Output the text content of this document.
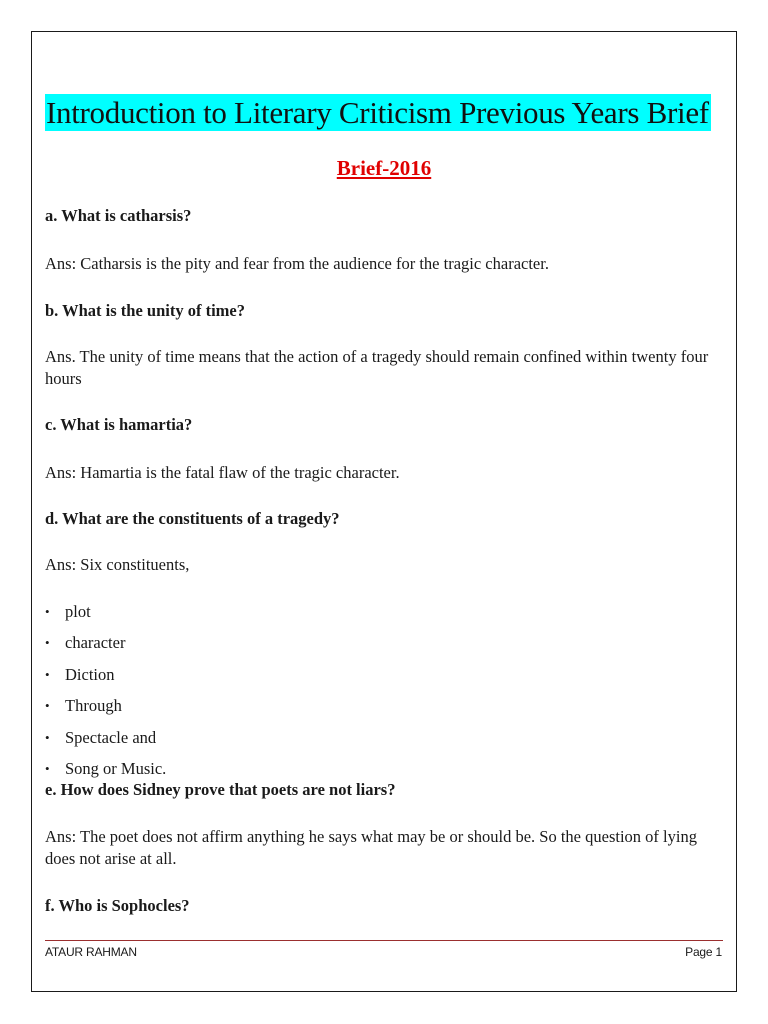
Introduction to Literary Criticism Previous Years Brief
Brief-2016
a. What is catharsis?
Ans: Catharsis is the pity and fear from the audience for the tragic character.
b. What is the unity of time?
Ans. The unity of time means that the action of a tragedy should remain confined within twenty four hours
c. What is hamartia?
Ans: Hamartia is the fatal flaw of the tragic character.
d. What are the constituents of a tragedy?
Ans: Six constituents,
• plot
• character
• Diction
• Through
• Spectacle and
• Song or Music.
e. How does Sidney prove that poets are not liars?
Ans: The poet does not affirm anything he says what may be or should be. So the question of lying does not arise at all.
f. Who is Sophocles?
ATAUR RAHMAN	Page 1
